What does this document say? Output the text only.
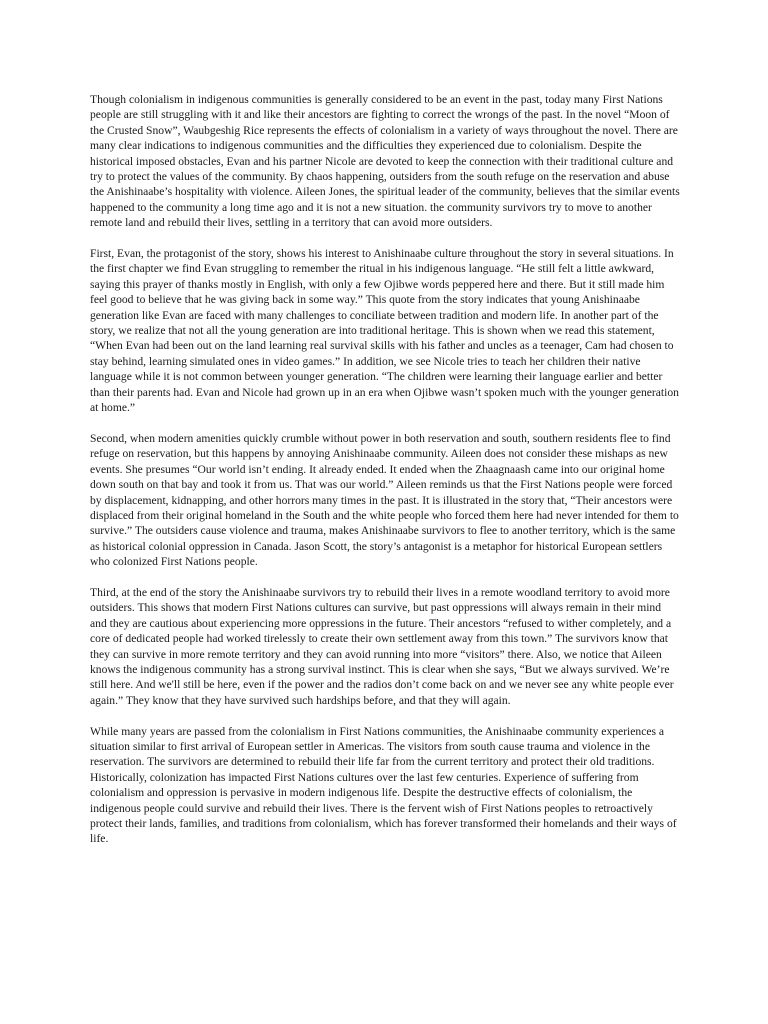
Though colonialism in indigenous communities is generally considered to be an event in the past, today many First Nations people are still struggling with it and like their ancestors are fighting to correct the wrongs of the past. In the novel “Moon of the Crusted Snow”, Waubgeshig Rice represents the effects of colonialism in a variety of ways throughout the novel. There are many clear indications to indigenous communities and the difficulties they experienced due to colonialism. Despite the historical imposed obstacles, Evan and his partner Nicole are devoted to keep the connection with their traditional culture and try to protect the values of the community. By chaos happening, outsiders from the south refuge on the reservation and abuse the Anishinaabe’s hospitality with violence. Aileen Jones, the spiritual leader of the community, believes that the similar events happened to the community a long time ago and it is not a new situation. the community survivors try to move to another remote land and rebuild their lives, settling in a territory that can avoid more outsiders.

First, Evan, the protagonist of the story, shows his interest to Anishinaabe culture throughout the story in several situations. In the first chapter we find Evan struggling to remember the ritual in his indigenous language. “He still felt a little awkward, saying this prayer of thanks mostly in English, with only a few Ojibwe words peppered here and there. But it still made him feel good to believe that he was giving back in some way.” This quote from the story indicates that young Anishinaabe generation like Evan are faced with many challenges to conciliate between tradition and modern life. In another part of the story, we realize that not all the young generation are into traditional heritage. This is shown when we read this statement, “When Evan had been out on the land learning real survival skills with his father and uncles as a teenager, Cam had chosen to stay behind, learning simulated ones in video games.” In addition, we see Nicole tries to teach her children their native language while it is not common between younger generation. “The children were learning their language earlier and better than their parents had. Evan and Nicole had grown up in an era when Ojibwe wasn’t spoken much with the younger generation at home.”

Second, when modern amenities quickly crumble without power in both reservation and south, southern residents flee to find refuge on reservation, but this happens by annoying Anishinaabe community. Aileen does not consider these mishaps as new events. She presumes “Our world isn’t ending. It already ended. It ended when the Zhaagnaash came into our original home down south on that bay and took it from us. That was our world.” Aileen reminds us that the First Nations people were forced by displacement, kidnapping, and other horrors many times in the past. It is illustrated in the story that, “Their ancestors were displaced from their original homeland in the South and the white people who forced them here had never intended for them to survive.” The outsiders cause violence and trauma, makes Anishinaabe survivors to flee to another territory, which is the same as historical colonial oppression in Canada. Jason Scott, the story’s antagonist is a metaphor for historical European settlers who colonized First Nations people.

Third, at the end of the story the Anishinaabe survivors try to rebuild their lives in a remote woodland territory to avoid more outsiders. This shows that modern First Nations cultures can survive, but past oppressions will always remain in their mind and they are cautious about experiencing more oppressions in the future. Their ancestors “refused to wither completely, and a core of dedicated people had worked tirelessly to create their own settlement away from this town.” The survivors know that they can survive in more remote territory and they can avoid running into more “visitors” there. Also, we notice that Aileen knows the indigenous community has a strong survival instinct. This is clear when she says, “But we always survived. We’re still here. And we'll still be here, even if the power and the radios don’t come back on and we never see any white people ever again.” They know that they have survived such hardships before, and that they will again.

While many years are passed from the colonialism in First Nations communities, the Anishinaabe community experiences a situation similar to first arrival of European settler in Americas. The visitors from south cause trauma and violence in the reservation. The survivors are determined to rebuild their life far from the current territory and protect their old traditions. Historically, colonization has impacted First Nations cultures over the last few centuries. Experience of suffering from colonialism and oppression is pervasive in modern indigenous life. Despite the destructive effects of colonialism, the indigenous people could survive and rebuild their lives. There is the fervent wish of First Nations peoples to retroactively protect their lands, families, and traditions from colonialism, which has forever transformed their homelands and their ways of life.
